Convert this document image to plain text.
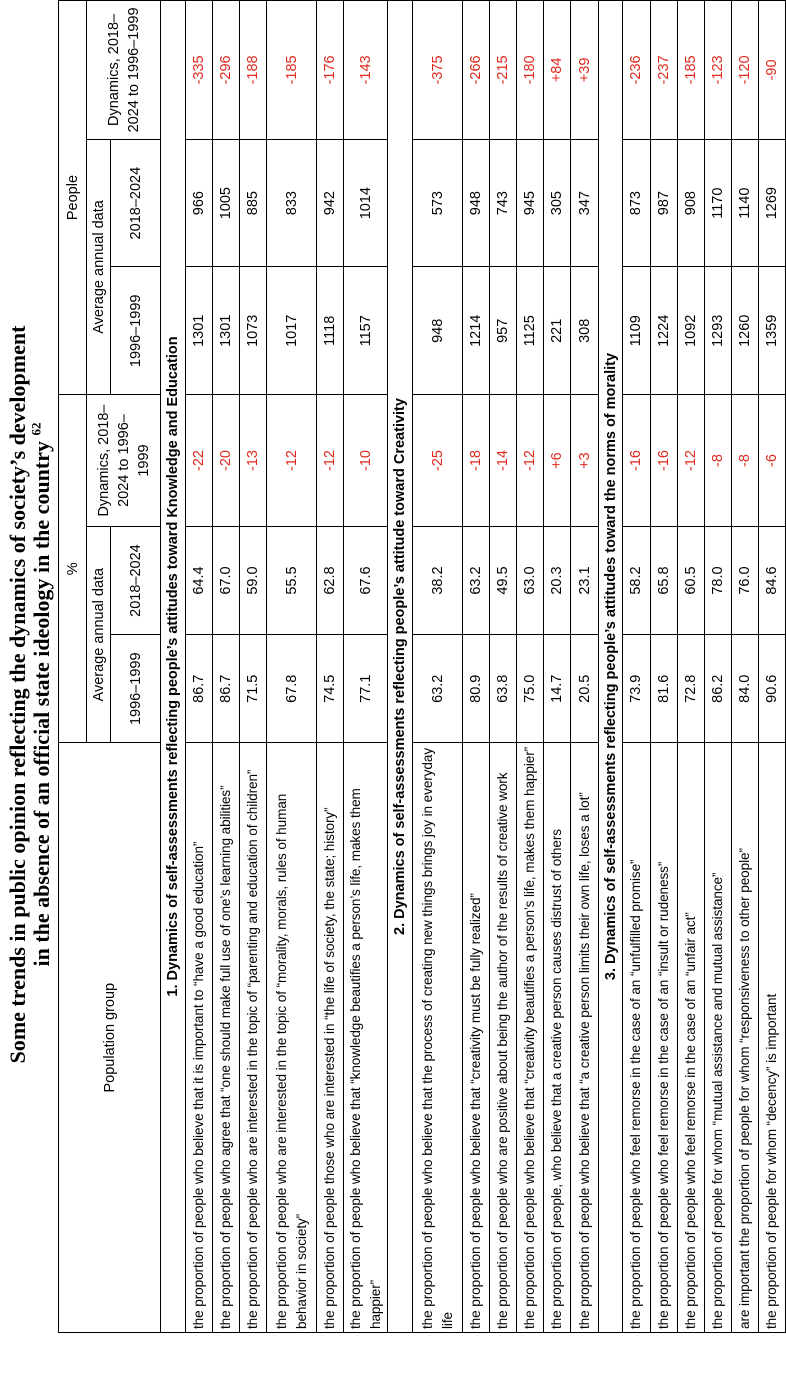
Some trends in public opinion reflecting the dynamics of society’s development in the absence of an official state ideology in the country $^{62}$
Population group	%			People		
	Average annual data		Dynamics, 2018–2024 to 1996–1999	Average annual data		Dynamics, 2018–2024 to 1996–1999
	1996–1999	2018–2024		1996–1999	2018–2024	
1. Dynamics of self-assessments reflecting people’s attitudes toward Knowledge and Education						
the proportion of people who believe that it is important to “have a good education”	86.7	64.4	-22	1301	966	-335
the proportion of people who agree that “one should make full use of one’s learning abilities”	86.7	67.0	-20	1301	1005	-296
the proportion of people who are interested in the topic of “parenting and education of children”	71.5	59.0	-13	1073	885	-188
the proportion of people who are interested in the topic of “morality, morals, rules of human behavior in society”	67.8	55.5	-12	1017	833	-185
the proportion of people those who are interested in “the life of society, the state; history”	74.5	62.8	-12	1118	942	-176
the proportion of people who believe that “knowledge beautifies a person’s life, makes them happier”	77.1	67.6	-10	1157	1014	-143
2. Dynamics of self-assessments reflecting people’s attitude toward Creativity						
the proportion of people who believe that the process of creating new things brings joy in everyday life	63.2	38.2	-25	948	573	-375
the proportion of people who believe that “creativity must be fully realized”	80.9	63.2	-18	1214	948	-266
the proportion of people who are positive about being the author of the results of creative work	63.8	49.5	-14	957	743	-215
the proportion of people who believe that “creativity beautifies a person’s life, makes them happier”	75.0	63.0	-12	1125	945	-180
the proportion of people, who believe that a creative person causes distrust of others	14.7	20.3	+6	221	305	+84
the proportion of people who believe that “a creative person limits their own life, loses a lot”	20.5	23.1	+3	308	347	+39
3. Dynamics of self-assessments reflecting people’s attitudes toward the norms of morality						
the proportion of people who feel remorse in the case of an “unfulfilled promise”	73.9	58.2	-16	1109	873	-236
the proportion of people who feel remorse in the case of an “insult or rudeness”	81.6	65.8	-16	1224	987	-237
the proportion of people who feel remorse in the case of an “unfair act”	72.8	60.5	-12	1092	908	-185
the proportion of people for whom “mutual assistance and mutual assistance”	86.2	78.0	-8	1293	1170	-123
are important the proportion of people for whom “responsiveness to other people”	84.0	76.0	-8	1260	1140	-120
the proportion of people for whom “decency” is important	90.6	84.6	-6	1359	1269	-90
